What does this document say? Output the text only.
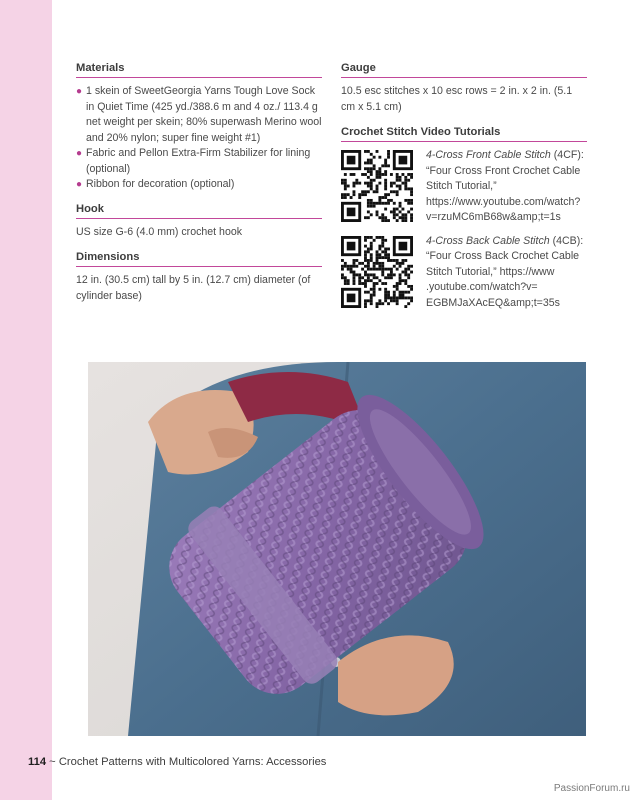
Materials
● 1 skein of SweetGeorgia Yarns Tough Love Sock in Quiet Time (425 yd./388.6 m and 4 oz./ 113.4 g net weight per skein; 80% superwash Merino wool and 20% nylon; super fine weight #1)
● Fabric and Pellon Extra-Firm Stabilizer for lining (optional)
● Ribbon for decoration (optional)
Hook

US size G-6 (4.0 mm) crochet hook

Dimensions

12 in. (30.5 cm) tall by 5 in. (12.7 cm) diameter (of cylinder base)

Gauge

10.5 esc stitches x 10 esc rows = 2 in. x 2 in. (5.1 cm x 5.1 cm)

Crochet Stitch Video Tutorials
4-Cross Front Cable Stitch (4CF): “Four Cross Front Crochet Cable Stitch Tutorial,” https://www.youtube.com/watch?v=rzuMC6mB68w&amp;t=1s
4-Cross Back Cable Stitch (4CB): “Four Cross Back Crochet Cable Stitch Tutorial,” https://www .youtube.com/watch?v= EGBMJaXAcEQ&amp;t=35s
114 ~ Crochet Patterns with Multicolored Yarns: Accessories
PassionForum.ru
